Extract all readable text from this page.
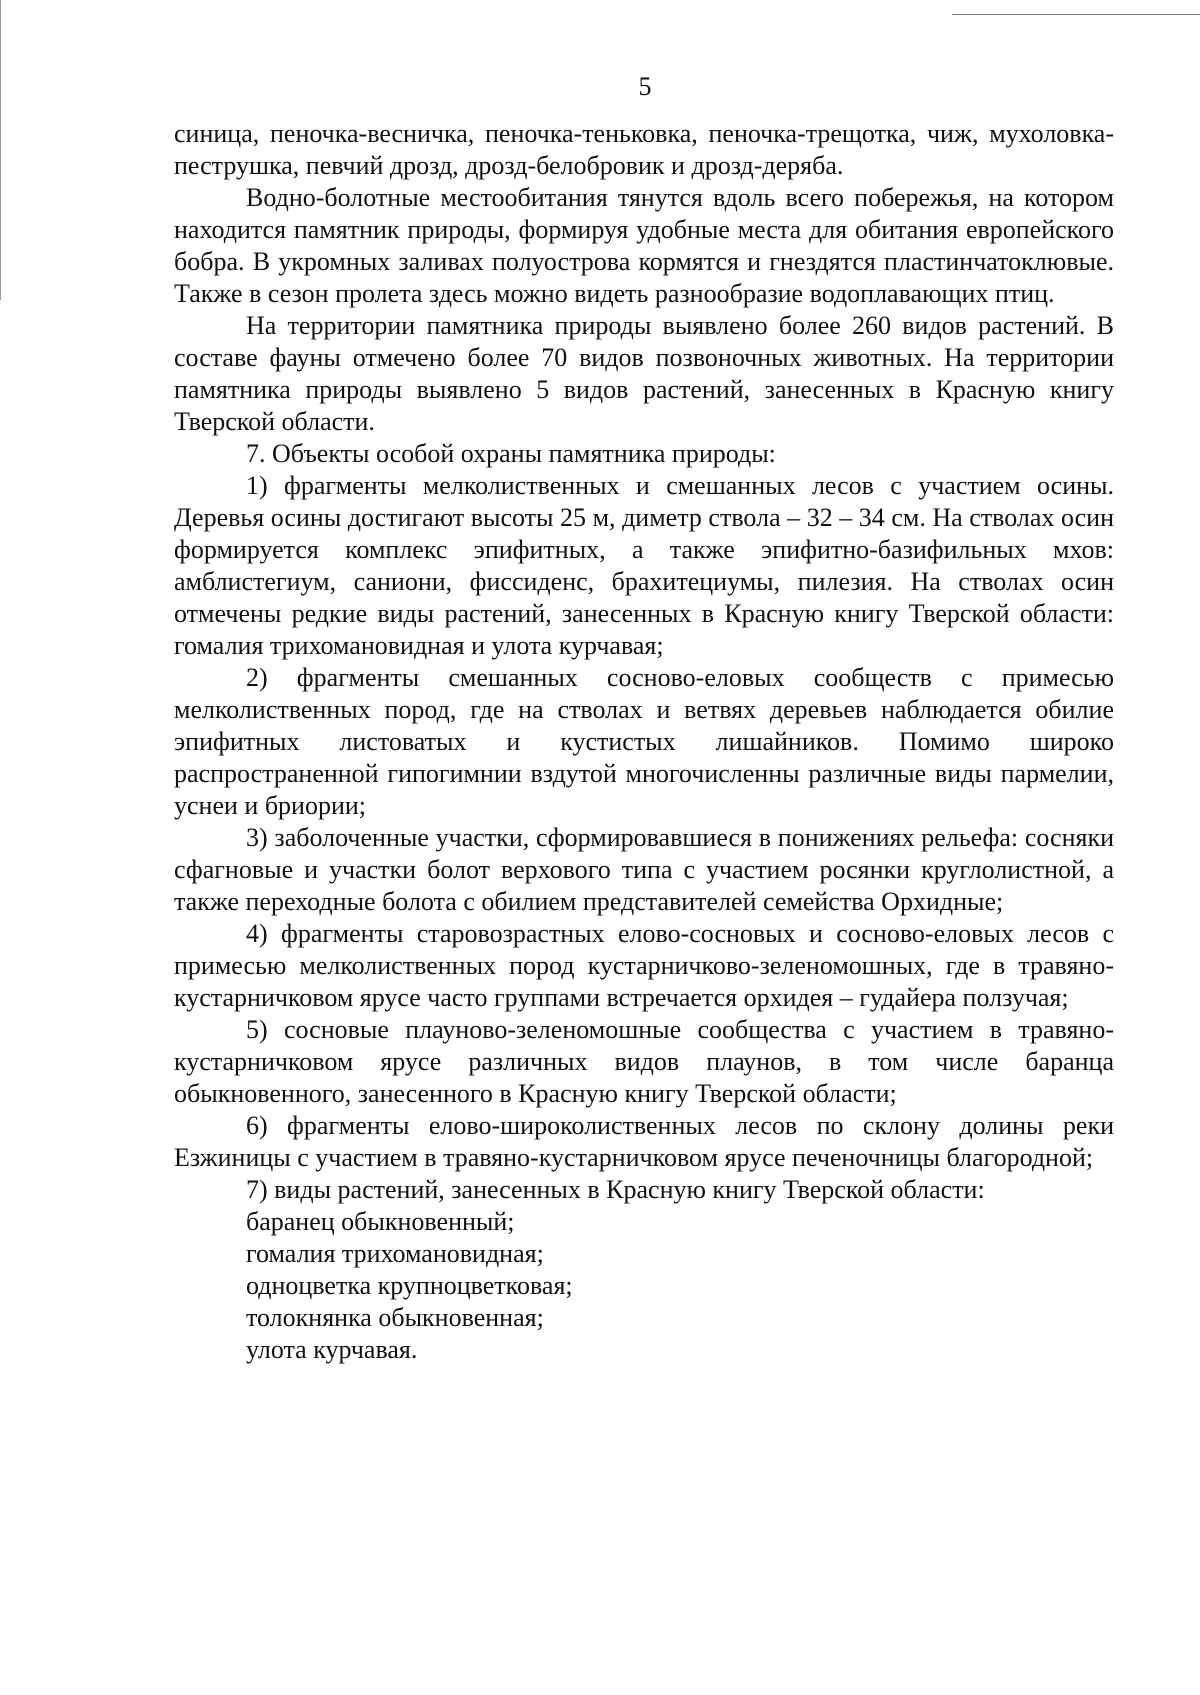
5

синица, пеночка-весничка, пеночка-теньковка, пеночка-трещотка, чиж, мухоловка-пеструшка, певчий дрозд, дрозд-белобровик и дрозд-деряба.

Водно-болотные местообитания тянутся вдоль всего побережья, на котором находится памятник природы, формируя удобные места для обитания европейского бобра. В укромных заливах полуострова кормятся и гнездятся пластинчатоклювые. Также в сезон пролета здесь можно видеть разнообразие водоплавающих птиц.

На территории памятника природы выявлено более 260 видов растений. В составе фауны отмечено более 70 видов позвоночных животных. На территории памятника природы выявлено 5 видов растений, занесенных в Красную книгу Тверской области.

7. Объекты особой охраны памятника природы:

1) фрагменты мелколиственных и смешанных лесов с участием осины. Деревья осины достигают высоты 25 м, диметр ствола – 32 – 34 см. На стволах осин формируется комплекс эпифитных, а также эпифитно-базифильных мхов: амблистегиум, саниони, фиссиденс, брахитециумы, пилезия. На стволах осин отмечены редкие виды растений, занесенных в Красную книгу Тверской области: гомалия трихомановидная и улота курчавая;

2) фрагменты смешанных сосново-еловых сообществ с примесью мелколиственных пород, где на стволах и ветвях деревьев наблюдается обилие эпифитных листоватых и кустистых лишайников. Помимо широко распространенной гипогимнии вздутой многочисленны различные виды пармелии, уснеи и бриории;

3) заболоченные участки, сформировавшиеся в понижениях рельефа: сосняки сфагновые и участки болот верхового типа с участием росянки круглолистной, а также переходные болота с обилием представителей семейства Орхидные;

4) фрагменты старовозрастных елово-сосновых и сосново-еловых лесов с примесью мелколиственных пород кустарничково-зеленомошных, где в травяно-кустарничковом ярусе часто группами встречается орхидея – гудайера ползучая;

5) сосновые плауново-зеленомошные сообщества с участием в травяно-кустарничковом ярусе различных видов плаунов, в том числе баранца обыкновенного, занесенного в Красную книгу Тверской области;

6) фрагменты елово-широколиственных лесов по склону долины реки Езжиницы с участием в травяно-кустарничковом ярусе печеночницы благородной;

7) виды растений, занесенных в Красную книгу Тверской области:

баранец обыкновенный;

гомалия трихомановидная;

одноцветка крупноцветковая;

толокнянка обыкновенная;

улота курчавая.
